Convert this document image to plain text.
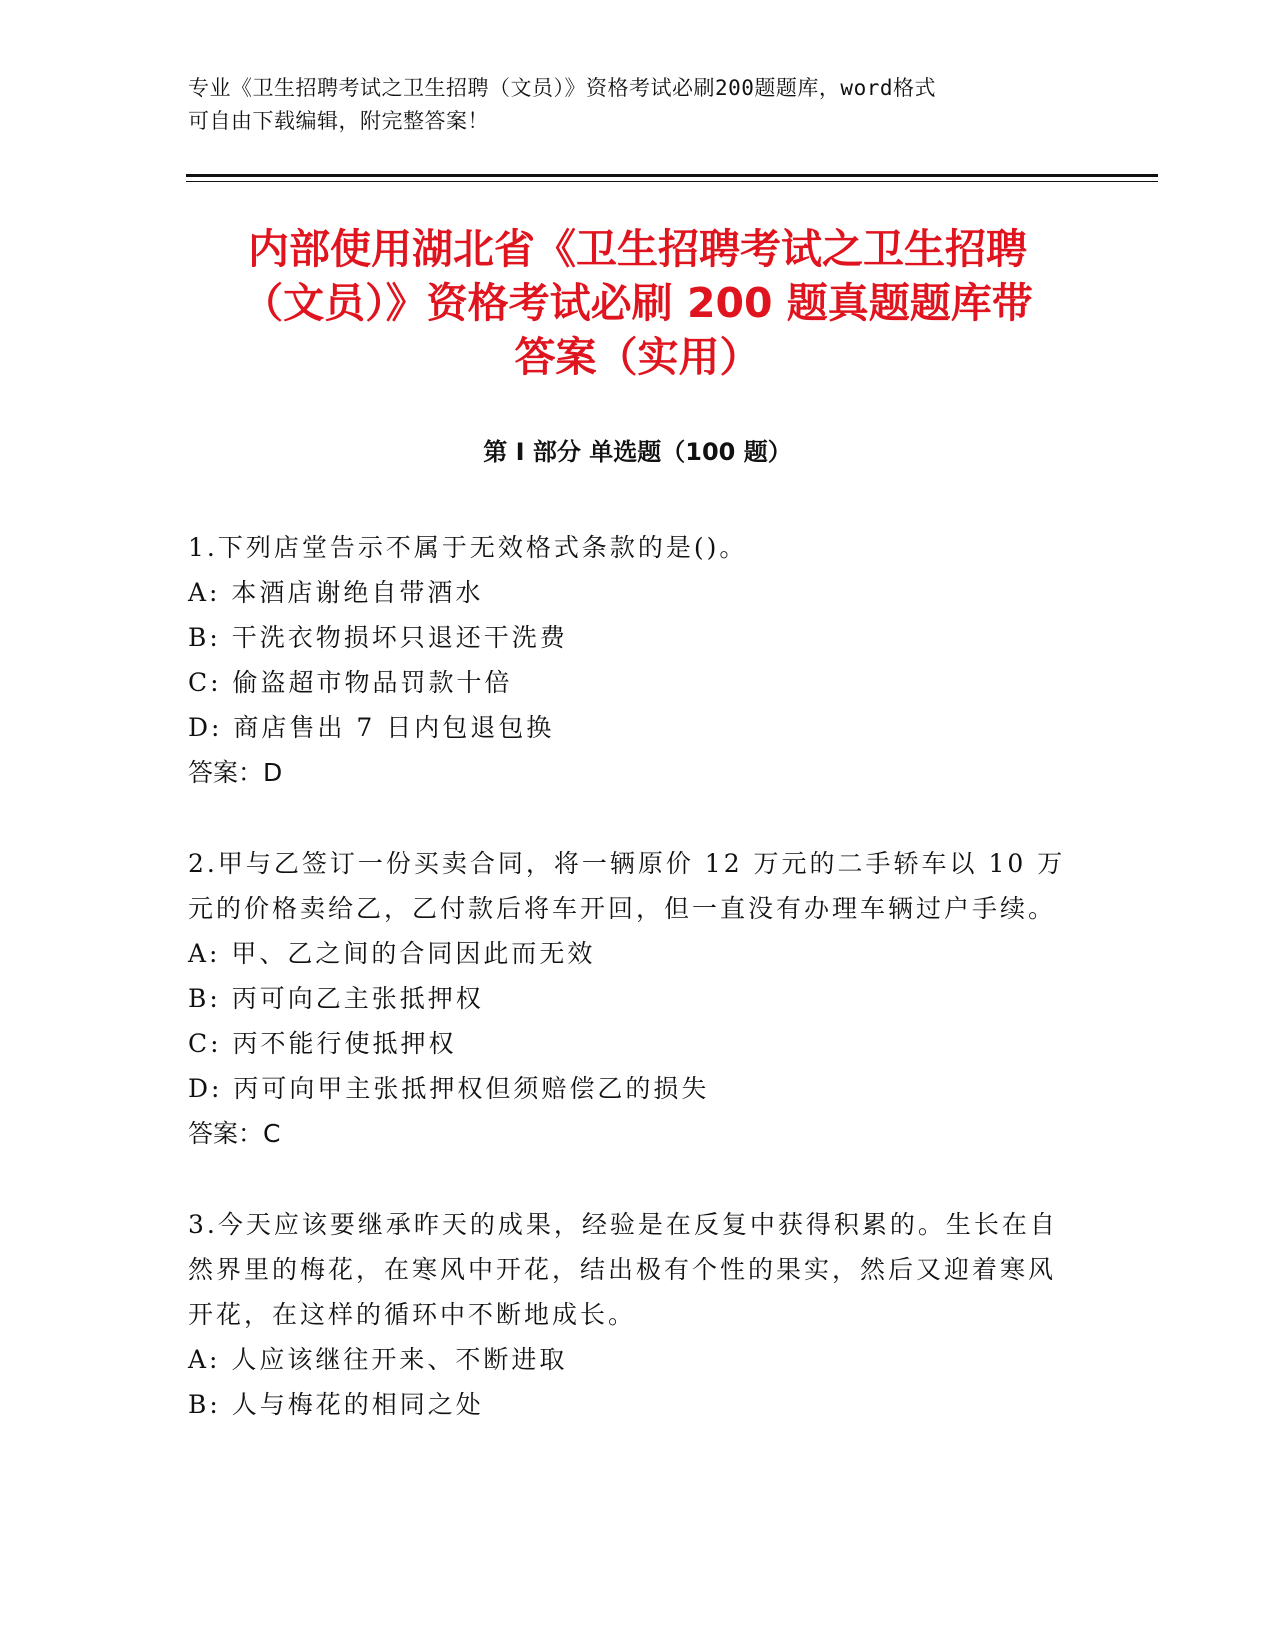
专业《卫生招聘考试之卫生招聘（文员）》资格考试必刷200题题库，word格式
可自由下载编辑，附完整答案！
内部使用湖北省《卫生招聘考试之卫生招聘
（文员）》资格考试必刷 200 题真题题库带
答案（实用）
第 I 部分 单选题（100 题）

1.下列店堂告示不属于无效格式条款的是()。

A: 本酒店谢绝自带酒水

B: 干洗衣物损坏只退还干洗费

C: 偷盗超市物品罚款十倍

D: 商店售出 7 日内包退包换

答案：D

2.甲与乙签订一份买卖合同，将一辆原价 12 万元的二手轿车以 10 万元的价格卖给乙，乙付款后将车开回，但一直没有办理车辆过户手续。

A: 甲、乙之间的合同因此而无效

B: 丙可向乙主张抵押权

C: 丙不能行使抵押权

D: 丙可向甲主张抵押权但须赔偿乙的损失

答案：C

3.今天应该要继承昨天的成果，经验是在反复中获得积累的。生长在自然界里的梅花，在寒风中开花，结出极有个性的果实，然后又迎着寒风开花，在这样的循环中不断地成长。

A: 人应该继往开来、不断进取

B: 人与梅花的相同之处
